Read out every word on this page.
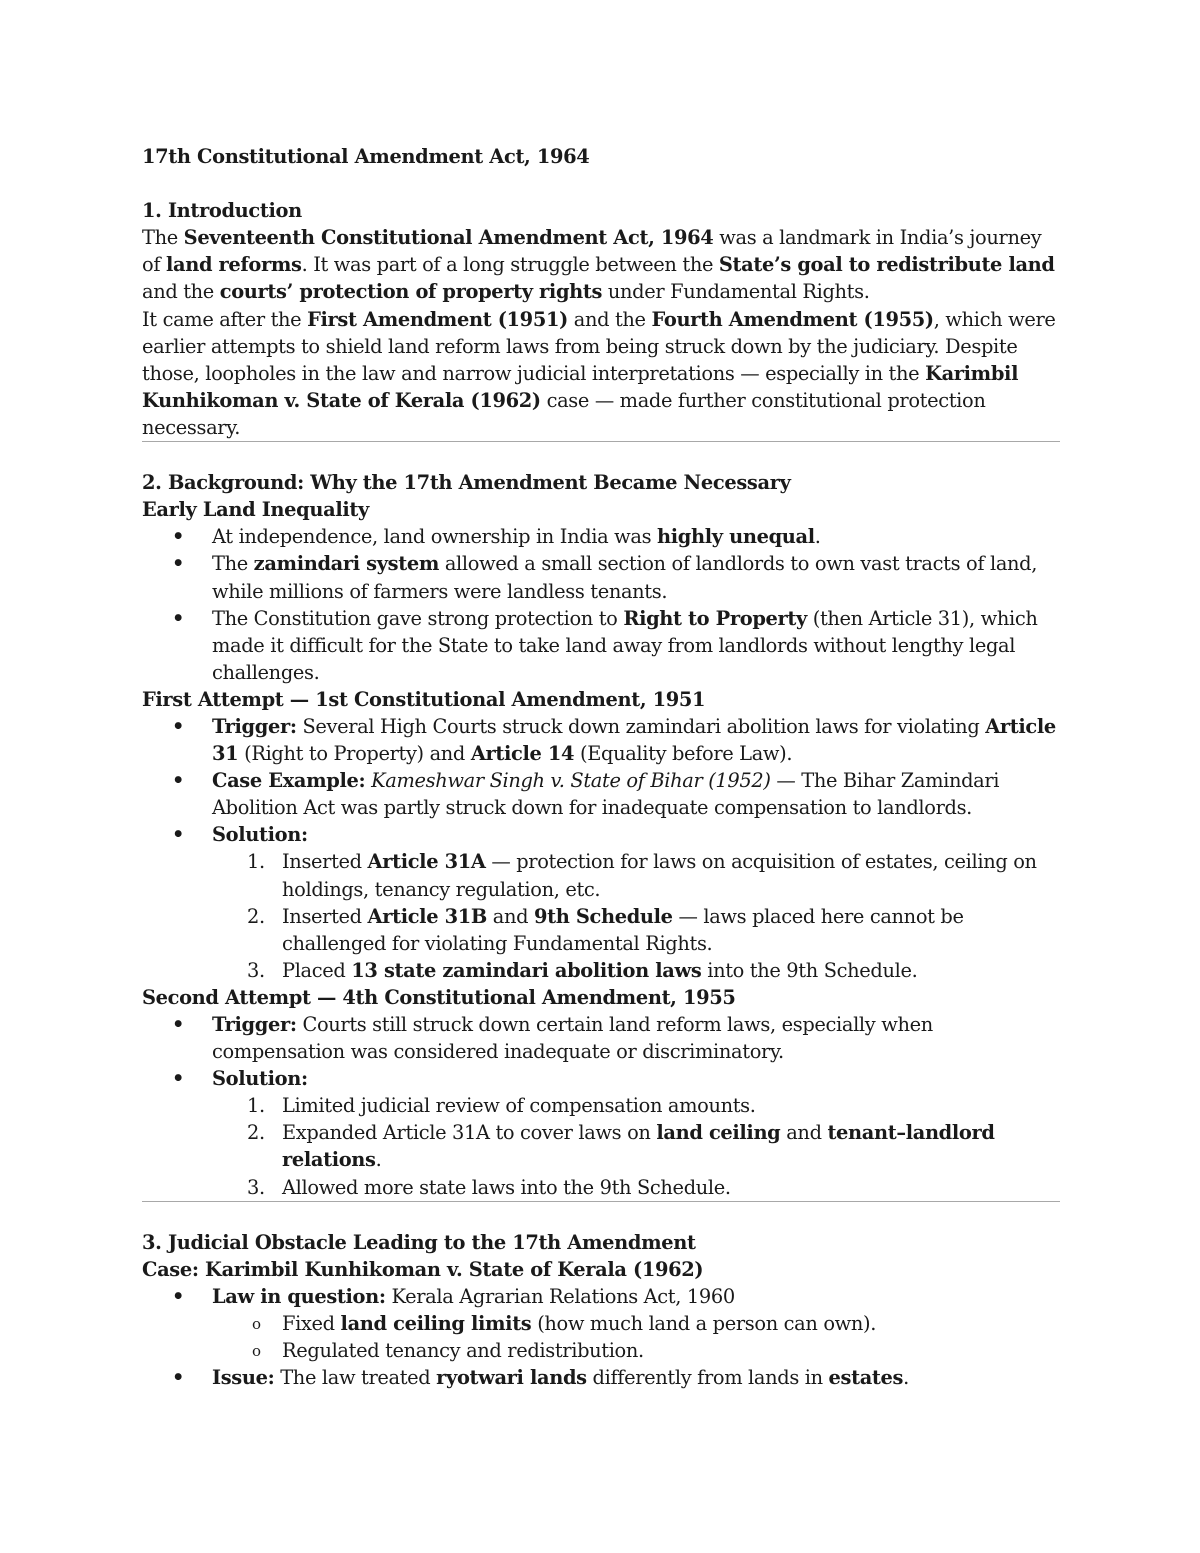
17th Constitutional Amendment Act, 1964

1. Introduction

The Seventeenth Constitutional Amendment Act, 1964 was a landmark in India’s journey of land reforms. It was part of a long struggle between the State’s goal to redistribute land and the courts’ protection of property rights under Fundamental Rights.

It came after the First Amendment (1951) and the Fourth Amendment (1955), which were earlier attempts to shield land reform laws from being struck down by the judiciary. Despite those, loopholes in the law and narrow judicial interpretations — especially in the Karimbil Kunhikoman v. State of Kerala (1962) case — made further constitutional protection necessary.

2. Background: Why the 17th Amendment Became Necessary

Early Land Inequality

• At independence, land ownership in India was highly unequal.
• The zamindari system allowed a small section of landlords to own vast tracts of land, while millions of farmers were landless tenants.
• The Constitution gave strong protection to Right to Property (then Article 31), which made it difficult for the State to take land away from landlords without lengthy legal challenges.

First Attempt — 1st Constitutional Amendment, 1951

• Trigger: Several High Courts struck down zamindari abolition laws for violating Article 31 (Right to Property) and Article 14 (Equality before Law).
• Case Example: Kameshwar Singh v. State of Bihar (1952) — The Bihar Zamindari Abolition Act was partly struck down for inadequate compensation to landlords.
• Solution:
1. Inserted Article 31A — protection for laws on acquisition of estates, ceiling on holdings, tenancy regulation, etc.
2. Inserted Article 31B and 9th Schedule — laws placed here cannot be challenged for violating Fundamental Rights.
3. Placed 13 state zamindari abolition laws into the 9th Schedule.

Second Attempt — 4th Constitutional Amendment, 1955

• Trigger: Courts still struck down certain land reform laws, especially when compensation was considered inadequate or discriminatory.
• Solution:
1. Limited judicial review of compensation amounts.
2. Expanded Article 31A to cover laws on land ceiling and tenant–landlord relations.
3. Allowed more state laws into the 9th Schedule.

3. Judicial Obstacle Leading to the 17th Amendment

Case: Karimbil Kunhikoman v. State of Kerala (1962)

• Law in question: Kerala Agrarian Relations Act, 1960
o Fixed land ceiling limits (how much land a person can own).
o Regulated tenancy and redistribution.
• Issue: The law treated ryotwari lands differently from lands in estates.
